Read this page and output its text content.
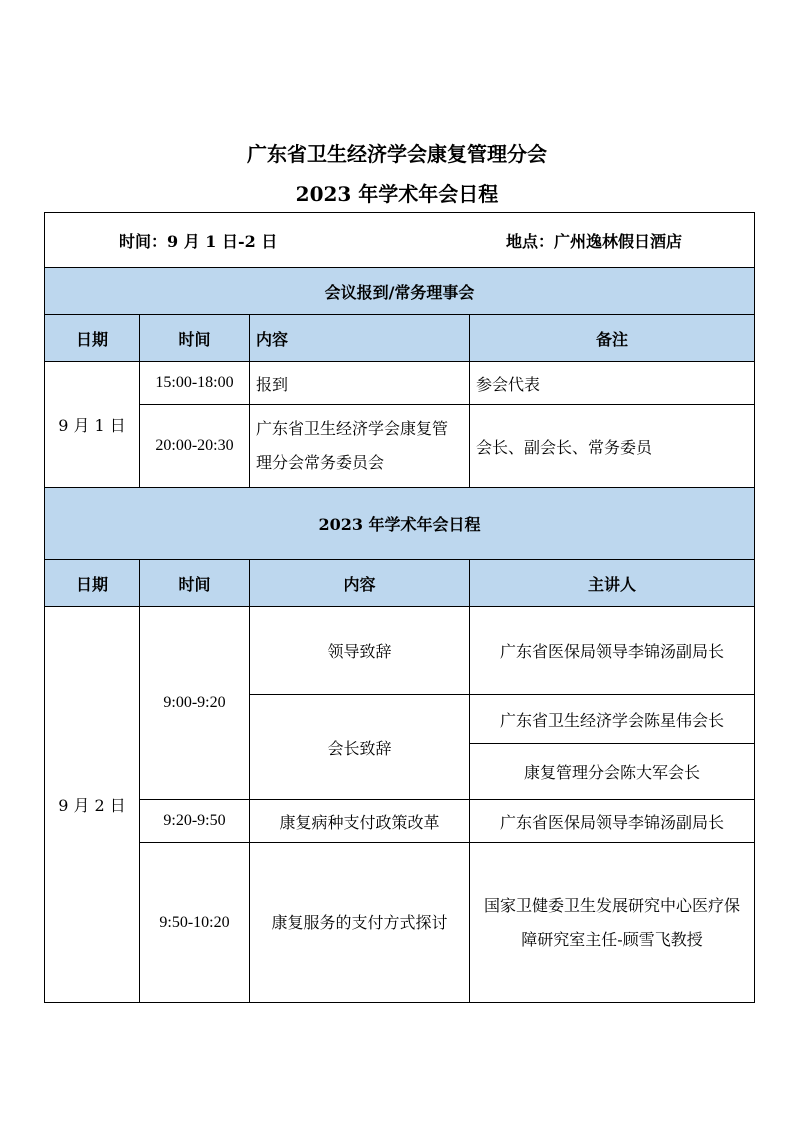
广东省卫生经济学会康复管理分会
2023 年学术年会日程
时间：9 月 1 日-2 日 地点：广州逸林假日酒店			

会议报到/常务理事会			
日期	时间	内容	备注
9 月 1 日	15:00-18:00	报到	参会代表
	20:00-20:30	广东省卫生经济学会康复管理分会常务委员会	会长、副会长、常务委员
2023 年学术年会日程			
日期	时间	内容	主讲人
9 月 2 日	9:00-9:20	领导致辞	广东省医保局领导李锦汤副局长
		会长致辞	广东省卫生经济学会陈星伟会长
			康复管理分会陈大军会长
	9:20-9:50	康复病种支付政策改革	广东省医保局领导李锦汤副局长
	9:50-10:20	康复服务的支付方式探讨	国家卫健委卫生发展研究中心医疗保障研究室主任-顾雪飞教授
